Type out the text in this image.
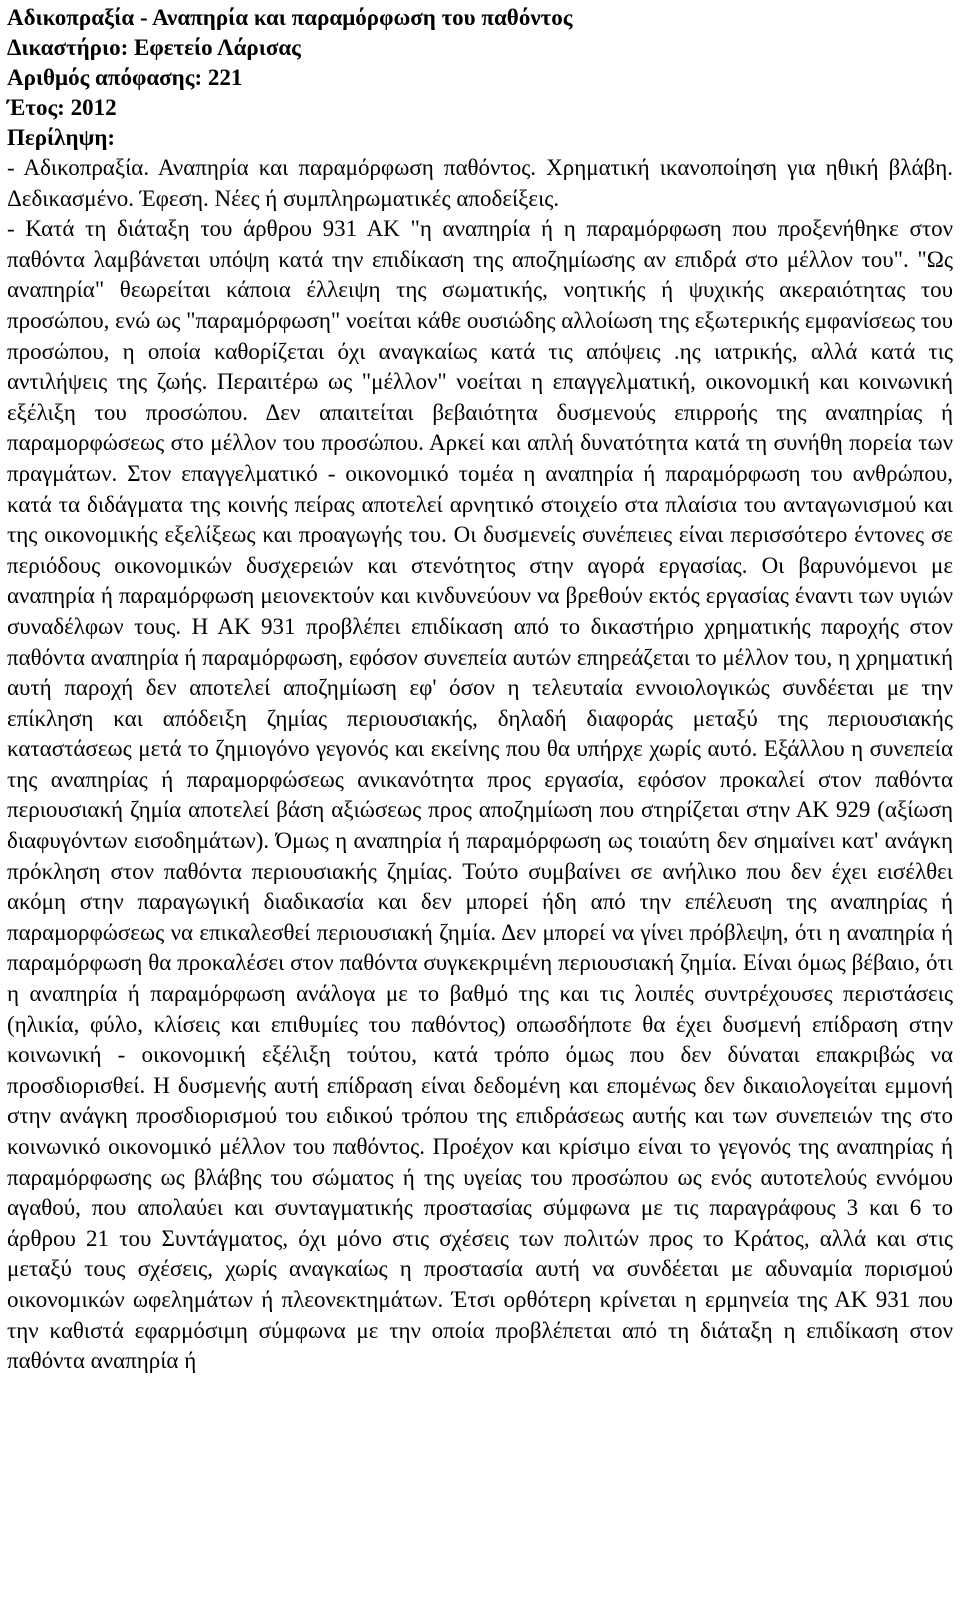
Αδικοπραξία - Αναπηρία και παραμόρφωση του παθόντος
Δικαστήριο: Εφετείο Λάρισας
Αριθμός απόφασης: 221
Έτος: 2012
Περίληψη:

- Αδικοπραξία. Αναπηρία και παραμόρφωση παθόντος. Χρηματική ικανοποίηση για ηθική βλάβη. Δεδικασμένο. Έφεση. Νέες ή συμπληρωματικές αποδείξεις.

- Κατά τη διάταξη του άρθρου 931 ΑΚ "η αναπηρία ή η παραμόρφωση που προξενήθηκε στον παθόντα λαμβάνεται υπόψη κατά την επιδίκαση της αποζημίωσης αν επιδρά στο μέλλον του". "Ως αναπηρία" θεωρείται κάποια έλλειψη της σωματικής, νοητικής ή ψυχικής ακεραιότητας του προσώπου, ενώ ως "παραμόρφωση" νοείται κάθε ουσιώδης αλλοίωση της εξωτερικής εμφανίσεως του προσώπου, η οποία καθορίζεται όχι αναγκαίως κατά τις απόψεις .ης ιατρικής, αλλά κατά τις αντιλήψεις της ζωής. Περαιτέρω ως "μέλλον" νοείται η επαγγελματική, οικονομική και κοινωνική εξέλιξη του προσώπου. Δεν απαιτείται βεβαιότητα δυσμενούς επιρροής της αναπηρίας ή παραμορφώσεως στο μέλλον του προσώπου. Αρκεί και απλή δυνατότητα κατά τη συνήθη πορεία των πραγμάτων. Στον επαγγελματικό - οικονομικό τομέα η αναπηρία ή παραμόρφωση του ανθρώπου, κατά τα διδάγματα της κοινής πείρας αποτελεί αρνητικό στοιχείο στα πλαίσια του ανταγωνισμού και της οικονομικής εξελίξεως και προαγωγής του. Οι δυσμενείς συνέπειες είναι περισσότερο έντονες σε περιόδους οικονομικών δυσχερειών και στενότητος στην αγορά εργασίας. Οι βαρυνόμενοι με αναπηρία ή παραμόρφωση μειονεκτούν και κινδυνεύουν να βρεθούν εκτός εργασίας έναντι των υγιών συναδέλφων τους. Η ΑΚ 931 προβλέπει επιδίκαση από το δικαστήριο χρηματικής παροχής στον παθόντα αναπηρία ή παραμόρφωση, εφόσον συνεπεία αυτών επηρεάζεται το μέλλον του, η χρηματική αυτή παροχή δεν αποτελεί αποζημίωση εφ' όσον η τελευταία εννοιολογικώς συνδέεται με την επίκληση και απόδειξη ζημίας περιουσιακής, δηλαδή διαφοράς μεταξύ της περιουσιακής καταστάσεως μετά το ζημιογόνο γεγονός και εκείνης που θα υπήρχε χωρίς αυτό. Εξάλλου η συνεπεία της αναπηρίας ή παραμορφώσεως ανικανότητα προς εργασία, εφόσον προκαλεί στον παθόντα περιουσιακή ζημία αποτελεί βάση αξιώσεως προς αποζημίωση που στηρίζεται στην ΑΚ 929 (αξίωση διαφυγόντων εισοδημάτων). Όμως η αναπηρία ή παραμόρφωση ως τοιαύτη δεν σημαίνει κατ' ανάγκη πρόκληση στον παθόντα περιουσιακής ζημίας. Τούτο συμβαίνει σε ανήλικο που δεν έχει εισέλθει ακόμη στην παραγωγική διαδικασία και δεν μπορεί ήδη από την επέλευση της αναπηρίας ή παραμορφώσεως να επικαλεσθεί περιουσιακή ζημία. Δεν μπορεί να γίνει πρόβλεψη, ότι η αναπηρία ή παραμόρφωση θα προκαλέσει στον παθόντα συγκεκριμένη περιουσιακή ζημία. Είναι όμως βέβαιο, ότι η αναπηρία ή παραμόρφωση ανάλογα με το βαθμό της και τις λοιπές συντρέχουσες περιστάσεις (ηλικία, φύλο, κλίσεις και επιθυμίες του παθόντος) οπωσδήποτε θα έχει δυσμενή επίδραση στην κοινωνική - οικονομική εξέλιξη τούτου, κατά τρόπο όμως που δεν δύναται επακριβώς να προσδιορισθεί. Η δυσμενής αυτή επίδραση είναι δεδομένη και επομένως δεν δικαιολογείται εμμονή στην ανάγκη προσδιορισμού του ειδικού τρόπου της επιδράσεως αυτής και των συνεπειών της στο κοινωνικό οικονομικό μέλλον του παθόντος. Προέχον και κρίσιμο είναι το γεγονός της αναπηρίας ή παραμόρφωσης ως βλάβης του σώματος ή της υγείας του προσώπου ως ενός αυτοτελούς εννόμου αγαθού, που απολαύει και συνταγματικής προστασίας σύμφωνα με τις παραγράφους 3 και 6 το άρθρου 21 του Συντάγματος, όχι μόνο στις σχέσεις των πολιτών προς το Κράτος, αλλά και στις μεταξύ τους σχέσεις, χωρίς αναγκαίως η προστασία αυτή να συνδέεται με αδυναμία πορισμού οικονομικών ωφελημάτων ή πλεονεκτημάτων. Έτσι ορθότερη κρίνεται η ερμηνεία της ΑΚ 931 που την καθιστά εφαρμόσιμη σύμφωνα με την οποία προβλέπεται από τη διάταξη η επιδίκαση στον παθόντα αναπηρία ή
